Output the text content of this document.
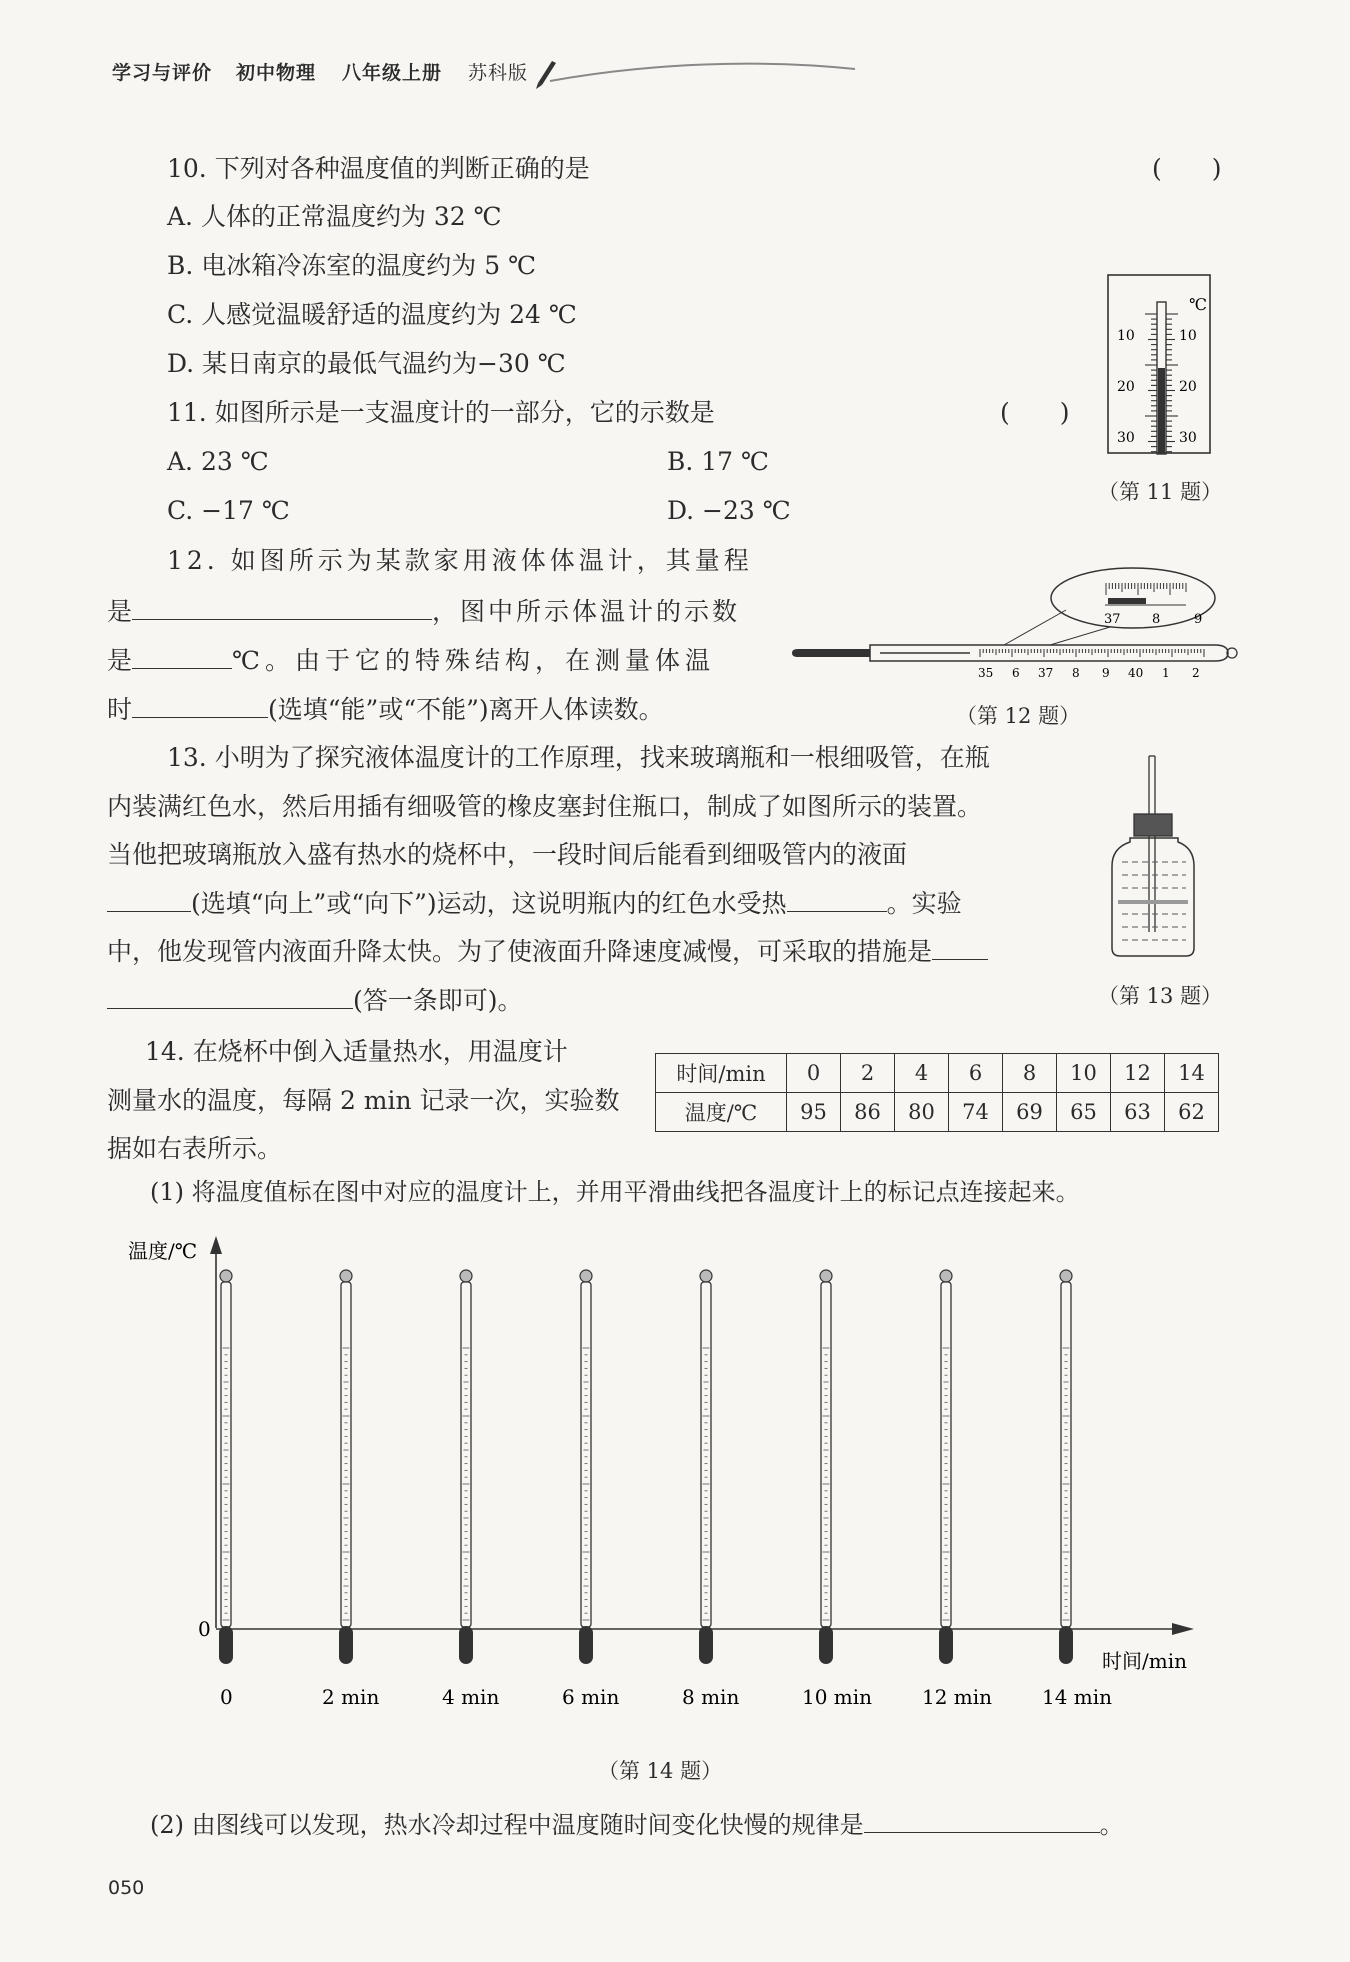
学习与评价 初中物理 八年级上册 苏科版
10. 下列对各种温度值的判断正确的是	(　　)
A. 人体的正常温度约为 32 ℃
B. 电冰箱冷冻室的温度约为 5 ℃
C. 人感觉温暖舒适的温度约为 24 ℃
D. 某日南京的最低气温约为−30 ℃
11. 如图所示是一支温度计的一部分，它的示数是	(　　)
A. 23 ℃	B. 17 ℃
C. −17 ℃	D. −23 ℃
℃
10
20
30
10
20
30
（第 11 题）
12. 如图所示为某款家用液体体温计，其量程
是	，图中所示体温计的示数
是	℃。由于它的特殊结构，在测量体温
时	(选填“能”或“不能”)离开人体读数。
37 8	9
35 6 37 8 9 40 1 2
（第 12 题）
13. 小明为了探究液体温度计的工作原理，找来玻璃瓶和一根细吸管，在瓶
内装满红色水，然后用插有细吸管的橡皮塞封住瓶口，制成了如图所示的装置。
当他把玻璃瓶放入盛有热水的烧杯中，一段时间后能看到细吸管内的液面
(选填“向上”或“向下”)运动，这说明瓶内的红色水受热	。实验
中，他发现管内液面升降太快。为了使液面升降速度减慢，可采取的措施是
(答一条即可)。	（第 13 题）
14. 在烧杯中倒入适量热水，用温度计
测量水的温度，每隔 2 min 记录一次，实验数
据如右表所示。
时间/min	0	2	4	6	8	10	12	14
温度/℃	95	86	80	74	69	65	63	62
(1) 将温度值标在图中对应的温度计上，并用平滑曲线把各温度计上的标记点连接起来。
温度/℃
0
时间/min
0	2 min	4 min	6 min	8 min	10 min 12 min 14 min
（第 14 题）
(2) 由图线可以发现，热水冷却过程中温度随时间变化快慢的规律是	。
050
